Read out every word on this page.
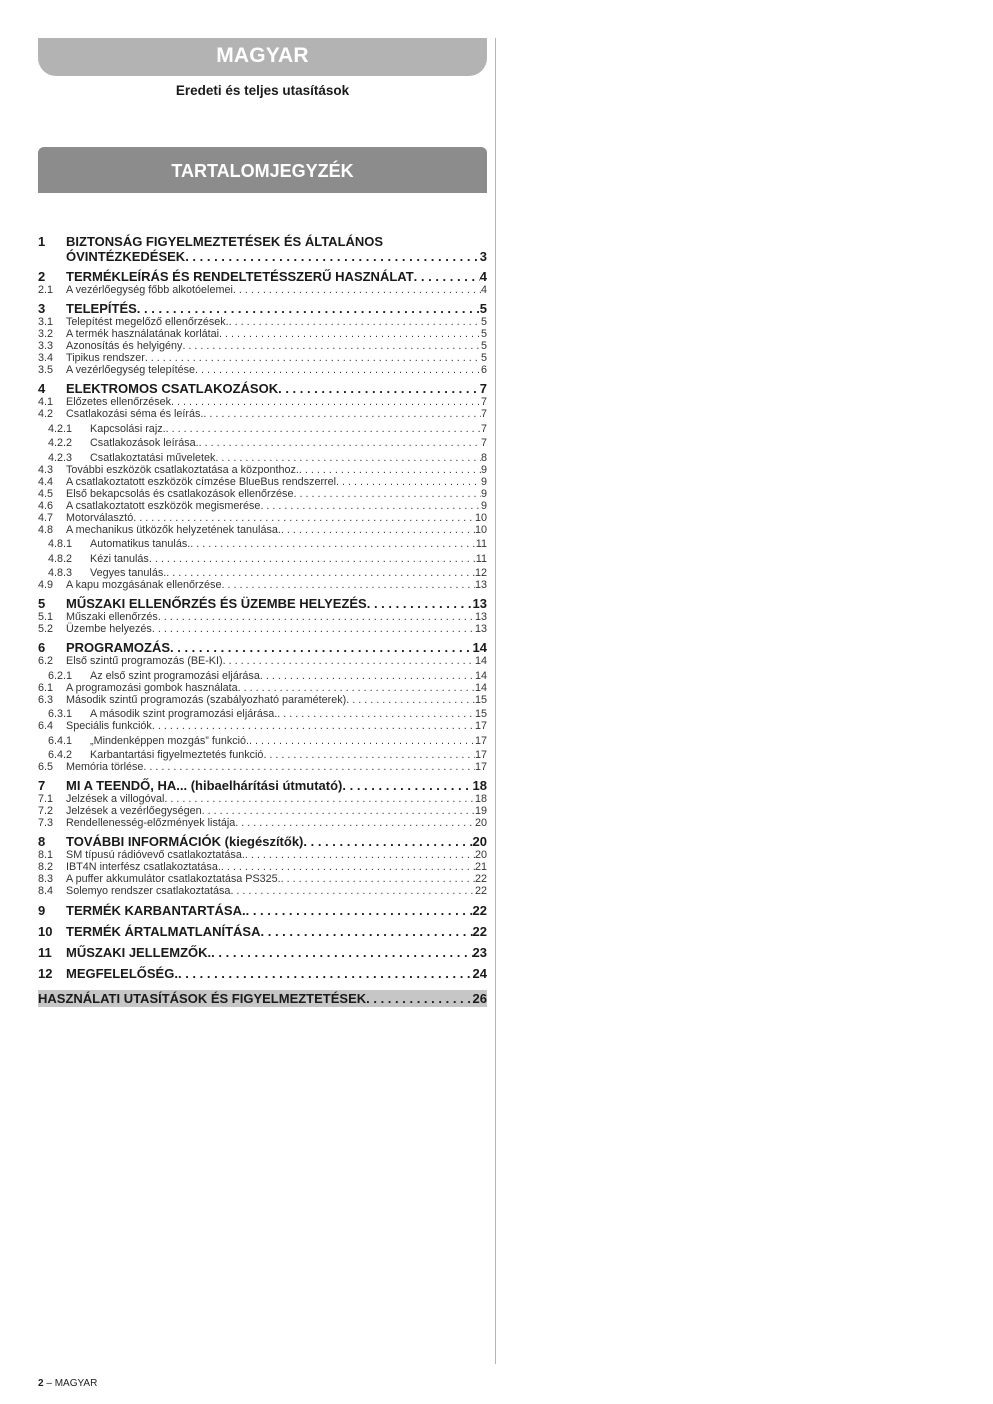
MAGYAR
Eredeti és teljes utasítások
TARTALOMJEGYZÉK
1	BIZTONSÁG FIGYELMEZTETÉSEK ÉS ÁLTALÁNOS
ÓVINTÉZKEDÉSEK . . .	3
2	TERMÉKLEÍRÁS ÉS RENDELTETÉSSZERŰ HASZNÁLAT . . .	4
2.1	A vezérlőegység főbb alkotóelemei . . .	4
3	TELEPÍTÉS . . .	5
3.1	Telepítést megelőző ellenőrzések. . . .	5
3.2	A termék használatának korlátai . . .	5
3.3	Azonosítás és helyigény . . .	5
3.4	Tipikus rendszer . . .	5
3.5	A vezérlőegység telepítése . . .	6
4	ELEKTROMOS CSATLAKOZÁSOK . . .	7
4.1	Előzetes ellenőrzések . . .	7
4.2	Csatlakozási séma és leírás. . . .	7
4.2.1	Kapcsolási rajz. . . .	7
4.2.2	Csatlakozások leírása. . . .	7
4.2.3	Csatlakoztatási műveletek . . .	8
4.3	További eszközök csatlakoztatása a központhoz. . . .	9
4.4	A csatlakoztatott eszközök címzése BlueBus rendszerrel . . .	9
4.5	Első bekapcsolás és csatlakozások ellenőrzése . . .	9
4.6	A csatlakoztatott eszközök megismerése . . .	9
4.7	Motorválasztó . . .	10
4.8	A mechanikus ütközők helyzetének tanulása. . . .	10
4.8.1	Automatikus tanulás. . . .	11
4.8.2	Kézi tanulás . . .	11
4.8.3	Vegyes tanulás. . . .	12
4.9	A kapu mozgásának ellenőrzése . . .	13
5	MŰSZAKI ELLENŐRZÉS ÉS ÜZEMBE HELYEZÉS . . .	13
5.1	Műszaki ellenőrzés . . .	13
5.2	Üzembe helyezés . . .	13
6	PROGRAMOZÁS . . .	14
6.2	Első szintű programozás (BE-KI) . . .	14
6.2.1	Az első szint programozási eljárása . . .	14
6.1	A programozási gombok használata . . .	14
6.3	Második szintű programozás (szabályozható paraméterek) . . .	15
6.3.1	A második szint programozási eljárása. . . .	15
6.4	Speciális funkciók . . .	17
6.4.1	„Mindenképpen mozgás” funkció. . . .	17
6.4.2	Karbantartási figyelmeztetés funkció . . .	17
6.5	Memória törlése . . .	17
7	MI A TEENDŐ, HA... (hibaelhárítási útmutató) . . .	18
7.1	Jelzések a villogóval . . .	18
7.2	Jelzések a vezérlőegységen . . .	19
7.3	Rendellenesség-előzmények listája . . .	20
8	TOVÁBBI INFORMÁCIÓK (kiegészítők) . . .	20
8.1	SM típusú rádióvevő csatlakoztatása. . . .	20
8.2	IBT4N interfész csatlakoztatása. . . .	21
8.3	A puffer akkumulátor csatlakoztatása PS325. . . .	22
8.4	Solemyo rendszer csatlakoztatása . . .	22
9	TERMÉK KARBANTARTÁSA. . . .	22
10	TERMÉK ÁRTALMATLANÍTÁSA . . .	22
11	MŰSZAKI JELLEMZŐK. . . .	23
12	MEGFELELŐSÉG. . . .	24
HASZNÁLATI UTASÍTÁSOK ÉS FIGYELMEZTETÉSEK . . .	26
2 – MAGYAR
